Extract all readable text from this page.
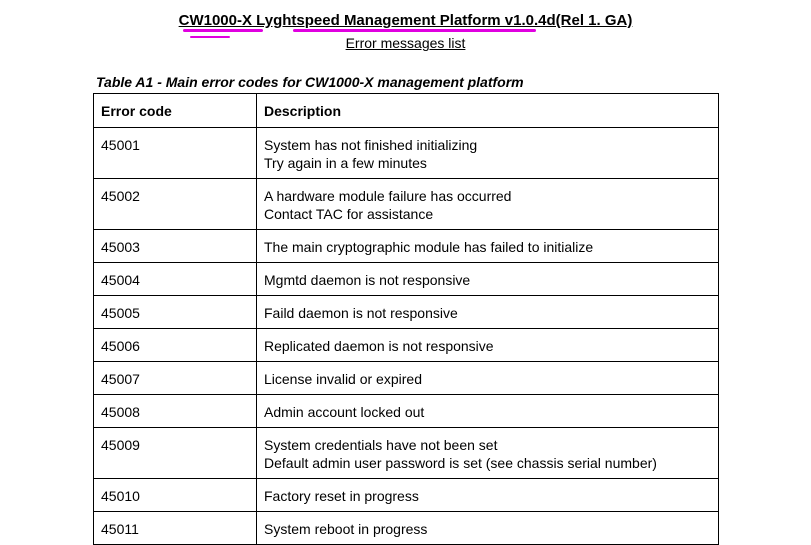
CW1000-X Lyghtspeed Management Platform v1.0.4d(Rel 1. GA)
Error messages list
Table A1 - Main error codes for CW1000-X management platform
Error code	Description
45001	System has not finished initializing
Try again in a few minutes

45002	A hardware module failure has occurred
Contact TAC for assistance

45003	The main cryptographic module has failed to initialize

45004	Mgmtd daemon is not responsive

45005	Faild daemon is not responsive

45006	Replicated daemon is not responsive

45007	License invalid or expired

45008	Admin account locked out

45009	System credentials have not been set
Default admin user password is set (see chassis serial number)

45010	Factory reset in progress

45011	System reboot in progress
